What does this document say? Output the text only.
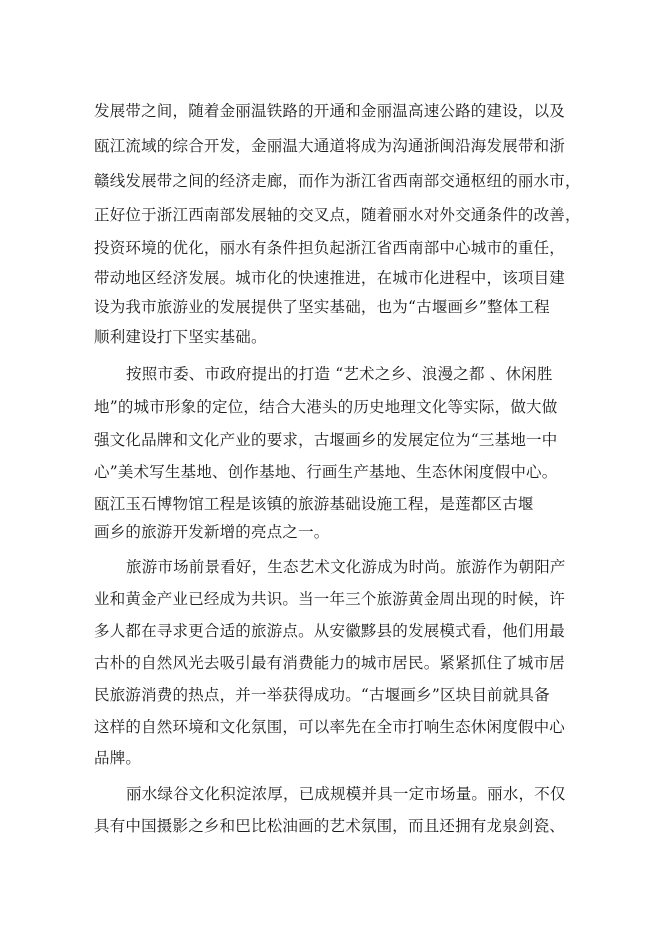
发展带之间，随着金丽温铁路的开通和金丽温高速公路的建设，以及
瓯江流域的综合开发，金丽温大通道将成为沟通浙闽沿海发展带和浙
赣线发展带之间的经济走廊，而作为浙江省西南部交通枢纽的丽水市，
正好位于浙江西南部发展轴的交叉点，随着丽水对外交通条件的改善，
投资环境的优化，丽水有条件担负起浙江省西南部中心城市的重任，
带动地区经济发展。城市化的快速推进，在城市化进程中，该项目建
设为我市旅游业的发展提供了坚实基础，也为“古堰画乡”整体工程
顺利建设打下坚实基础。
按照市委、市政府提出的打造 “艺术之乡、浪漫之都 、休闲胜
地”的城市形象的定位，结合大港头的历史地理文化等实际，做大做
强文化品牌和文化产业的要求，古堰画乡的发展定位为“三基地一中
心”美术写生基地、创作基地、行画生产基地、生态休闲度假中心。
瓯江玉石博物馆工程是该镇的旅游基础设施工程，是莲都区古堰
画乡的旅游开发新增的亮点之一。
旅游市场前景看好，生态艺术文化游成为时尚。旅游作为朝阳产
业和黄金产业已经成为共识。当一年三个旅游黄金周出现的时候，许
多人都在寻求更合适的旅游点。从安徽黟县的发展模式看，他们用最
古朴的自然风光去吸引最有消费能力的城市居民。紧紧抓住了城市居
民旅游消费的热点，并一举获得成功。“古堰画乡”区块目前就具备
这样的自然环境和文化氛围，可以率先在全市打响生态休闲度假中心
品牌。
丽水绿谷文化积淀浓厚，已成规模并具一定市场量。丽水，不仅
具有中国摄影之乡和巴比松油画的艺术氛围，而且还拥有龙泉剑瓷、
